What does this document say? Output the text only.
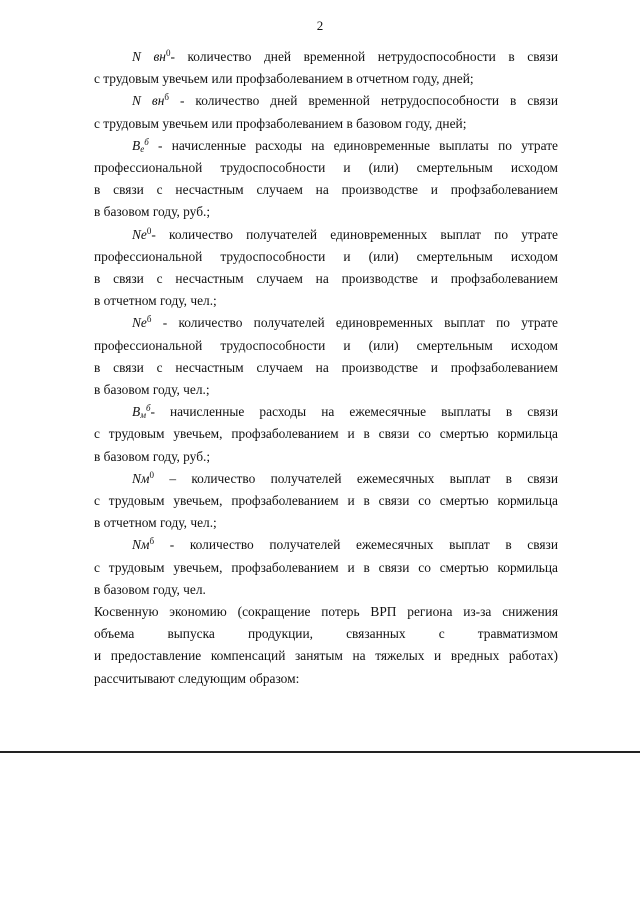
2

N $вн^0-$ количество дней временной нетрудоспособности в связи
с трудовым увечьем или профзаболеванием в отчетном году, дней;

N $вн^б$ - количество дней временной нетрудоспособности в связи
с трудовым увечьем или профзаболеванием в базовом году, дней;

$В_е^б$ - начисленные расходы на единовременные выплаты по утрате
профессиональной трудоспособности и (или) смертельным исходом
в связи с несчастным случаем на производстве и профзаболеванием
в базовом году, руб.;

$Nе^0-$ количество получателей единовременных выплат по утрате
профессиональной трудоспособности и (или) смертельным исходом
в связи с несчастным случаем на производстве и профзаболеванием
в отчетном году, чел.;

$Nе^б$ - количество получателей единовременных выплат по утрате
профессиональной трудоспособности и (или) смертельным исходом
в связи с несчастным случаем на производстве и профзаболеванием
в базовом году, чел.;

$В_м^б-$ начисленные расходы на ежемесячные выплаты в связи
с трудовым увечьем, профзаболеванием и в связи со смертью кормильца
в базовом году, руб.;

$Nм^0$ – количество получателей ежемесячных выплат в связи
с трудовым увечьем, профзаболеванием и в связи со смертью кормильца
в отчетном году, чел.;

$Nм^б$ - количество получателей ежемесячных выплат в связи
с трудовым увечьем, профзаболеванием и в связи со смертью кормильца
в базовом году, чел.

Косвенную экономию (сокращение потерь ВРП региона из-за снижения
объема выпуска продукции, связанных с травматизмом
и предоставление компенсаций занятым на тяжелых и вредных работах)
рассчитывают следующим образом:
